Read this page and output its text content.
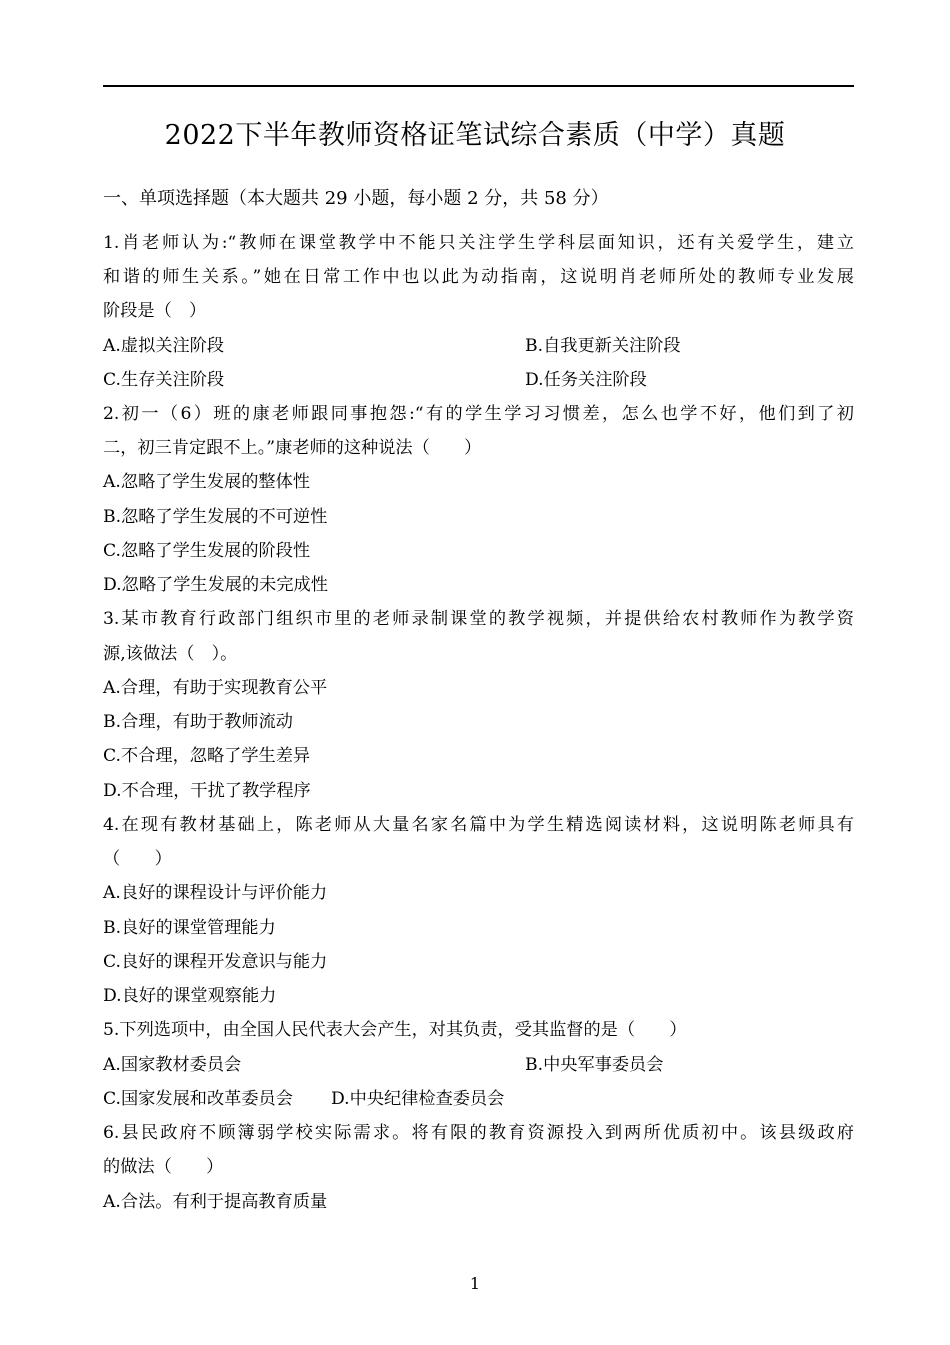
2022下半年教师资格证笔试综合素质（中学）真题
一、单项选择题（本大题共 29 小题，每小题 2 分，共 58 分）
1.肖老师认为:“教师在课堂教学中不能只关注学生学科层面知识，还有关爱学生，建立
和谐的师生关系。”她在日常工作中也以此为动指南，这说明肖老师所处的教师专业发展
阶段是（　）
A.虚拟关注阶段	B.自我更新关注阶段
C.生存关注阶段	D.任务关注阶段
2.初一（6）班的康老师跟同事抱怨:“有的学生学习习惯差，怎么也学不好，他们到了初
二，初三肯定跟不上。”康老师的这种说法（　　）
A.忽略了学生发展的整体性
B.忽略了学生发展的不可逆性
C.忽略了学生发展的阶段性
D.忽略了学生发展的未完成性
3.某市教育行政部门组织市里的老师录制课堂的教学视频，并提供给农村教师作为教学资
源,该做法（　）。
A.合理，有助于实现教育公平
B.合理，有助于教师流动
C.不合理，忽略了学生差异
D.不合理，干扰了教学程序
4.在现有教材基础上，陈老师从大量名家名篇中为学生精选阅读材料，这说明陈老师具有
（　　）
A.良好的课程设计与评价能力
B.良好的课堂管理能力
C.良好的课程开发意识与能力
D.良好的课堂观察能力
5.下列选项中，由全国人民代表大会产生，对其负责，受其监督的是（　　）
A.国家教材委员会	B.中央军事委员会
C.国家发展和改革委员会 D.中央纪律检查委员会
6.县民政府不顾簿弱学校实际需求。将有限的教育资源投入到两所优质初中。该县级政府
的做法（　　）
A.合法。有利于提高教育质量
1
